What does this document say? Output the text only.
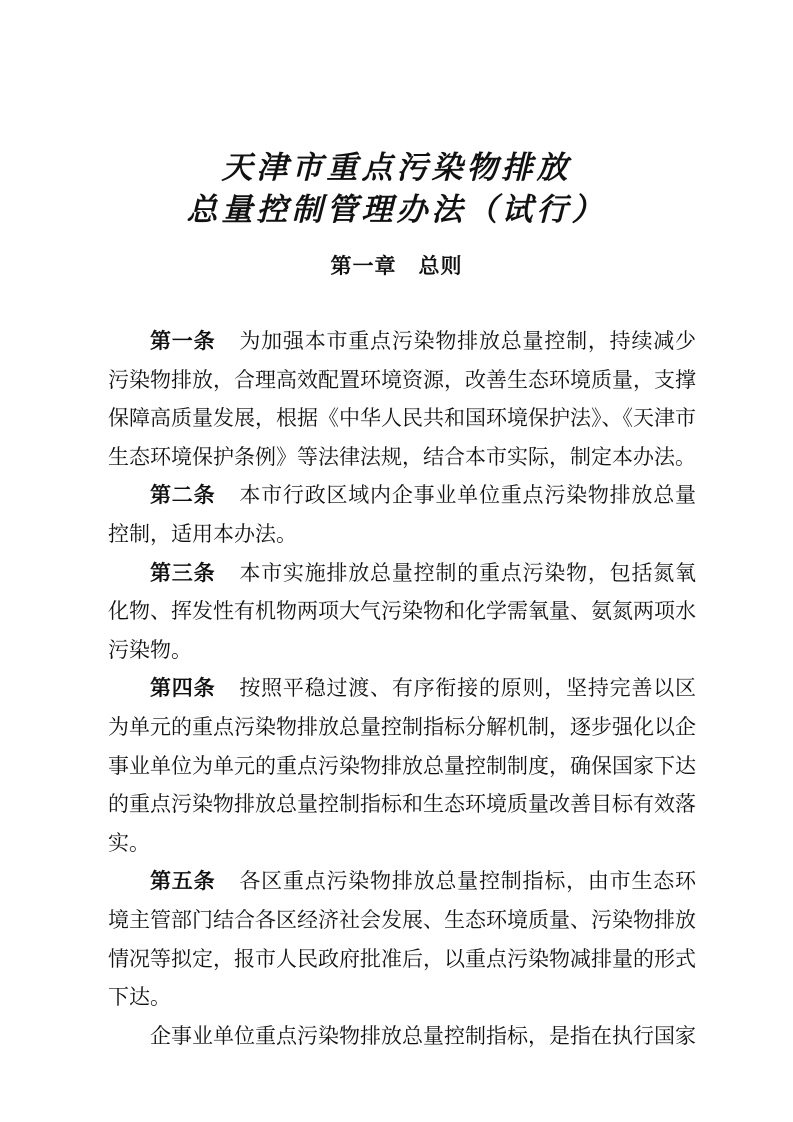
天津市重点污染物排放
总量控制管理办法（试行）
第一章　总则

第一条 为加强本市重点污染物排放总量控制，持续减少污染物排放，合理高效配置环境资源，改善生态环境质量，支撑保障高质量发展，根据《中华人民共和国环境保护法》、《天津市生态环境保护条例》等法律法规，结合本市实际，制定本办法。

第二条 本市行政区域内企事业单位重点污染物排放总量控制，适用本办法。

第三条 本市实施排放总量控制的重点污染物，包括氮氧化物、挥发性有机物两项大气污染物和化学需氧量、氨氮两项水污染物。

第四条 按照平稳过渡、有序衔接的原则，坚持完善以区为单元的重点污染物排放总量控制指标分解机制，逐步强化以企事业单位为单元的重点污染物排放总量控制制度，确保国家下达的重点污染物排放总量控制指标和生态环境质量改善目标有效落实。

第五条 各区重点污染物排放总量控制指标，由市生态环境主管部门结合各区经济社会发展、生态环境质量、污染物排放情况等拟定，报市人民政府批准后，以重点污染物减排量的形式下达。

企事业单位重点污染物排放总量控制指标，是指在执行国家
